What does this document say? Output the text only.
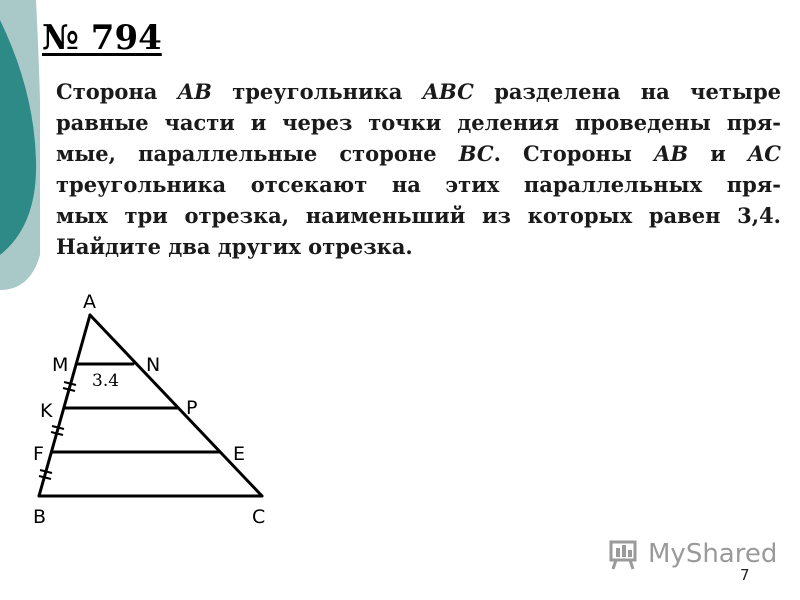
№ 794
Сторона AB треугольника ABC разделена на четыре
равные части и через точки деления проведены пря-
мые, параллельные стороне BC. Стороны AB и AC
треугольника отсекают на этих параллельных пря-
мых три отрезка, наименьший из которых равен 3,4.
Найдите два других отрезка.
A
M	N
K	P
F	E
B	C
3.4
MyShared
7
